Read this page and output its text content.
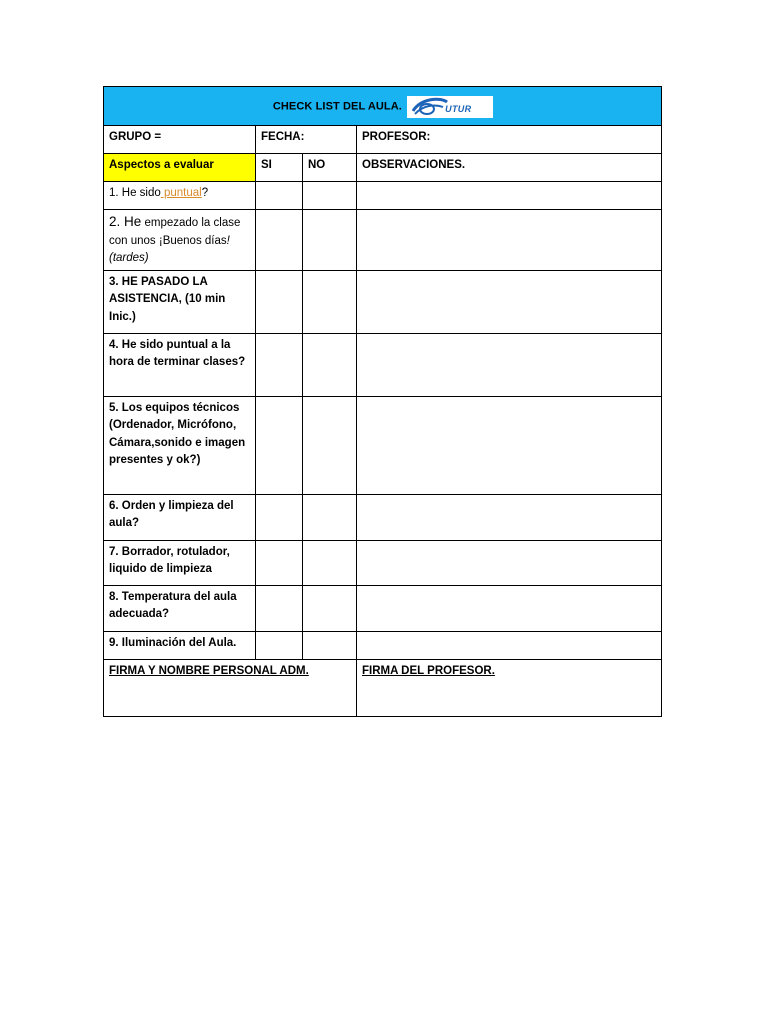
CHECK LIST DEL AULA. UTUR			

GRUPO =	FECHA:		PROFESOR:
Aspectos a evaluar	SI	NO	OBSERVACIONES.
1. He sido puntual?			
2. He empezado la clase con unos ¡Buenos días! (tardes)			
3. HE PASADO LA ASISTENCIA, (10 min Inic.)			
4. He sido puntual a la hora de terminar clases?			
5. Los equipos técnicos (Ordenador, Micrófono, Cámara,sonido e imagen presentes y ok?)			
6. Orden y limpieza del aula?			
7. Borrador, rotulador, liquido de limpieza			
8. Temperatura del aula adecuada?			
9. Iluminación del Aula.			
FIRMA Y NOMBRE PERSONAL ADM.			FIRMA DEL PROFESOR.
